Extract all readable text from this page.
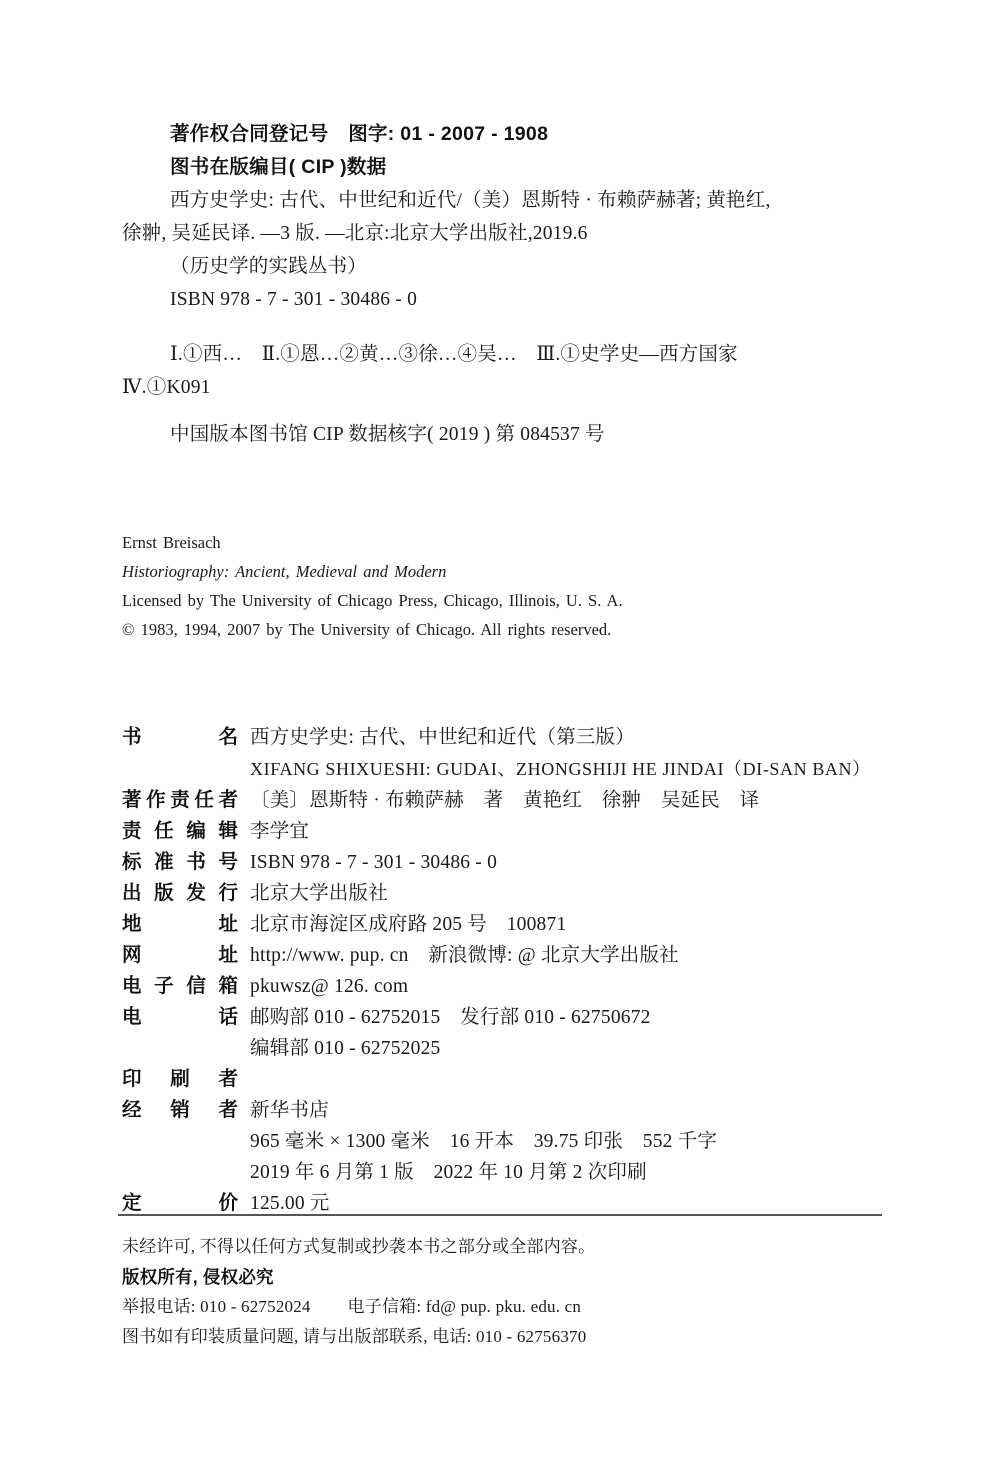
著作权合同登记号　图字: 01 - 2007 - 1908
图书在版编目( CIP )数据
西方史学史: 古代、中世纪和近代/（美）恩斯特 · 布赖萨赫著; 黄艳红,
徐翀, 吴延民译. —3 版. —北京:北京大学出版社,2019.6
（历史学的实践丛书）
ISBN 978 - 7 - 301 - 30486 - 0
Ⅰ.①西…　Ⅱ.①恩…②黄…③徐…④吴…　Ⅲ.①史学史—西方国家
Ⅳ.①K091
中国版本图书馆 CIP 数据核字( 2019 ) 第 084537 号
Ernst Breisach
Historiography: Ancient, Medieval and Modern
Licensed by The University of Chicago Press, Chicago, Illinois, U. S. A.
© 1983, 1994, 2007 by The University of Chicago. All rights reserved.
书名 西方史学史: 古代、中世纪和近代（第三版）
XIFANG SHIXUESHI: GUDAI、ZHONGSHIJI HE JINDAI（DI-SAN BAN）
著作责任者 〔美〕恩斯特 · 布赖萨赫　著　黄艳红　徐翀　吴延民　译
责任编辑 李学宜
标准书号 ISBN 978 - 7 - 301 - 30486 - 0
出版发行 北京大学出版社
地址 北京市海淀区成府路 205 号　100871
网址 http://www. pup. cn　新浪微博: @ 北京大学出版社
电子信箱 pkuwsz@ 126. com
电话 邮购部 010 - 62752015　发行部 010 - 62750672
编辑部 010 - 62752025
印刷者
经销者 新华书店
965 毫米 × 1300 毫米　16 开本　39.75 印张　552 千字
2019 年 6 月第 1 版　2022 年 10 月第 2 次印刷
定价 125.00 元
未经许可, 不得以任何方式复制或抄袭本书之部分或全部内容。
版权所有, 侵权必究
举报电话: 010 - 62752024 电子信箱: fd@ pup. pku. edu. cn
图书如有印装质量问题, 请与出版部联系, 电话: 010 - 62756370
